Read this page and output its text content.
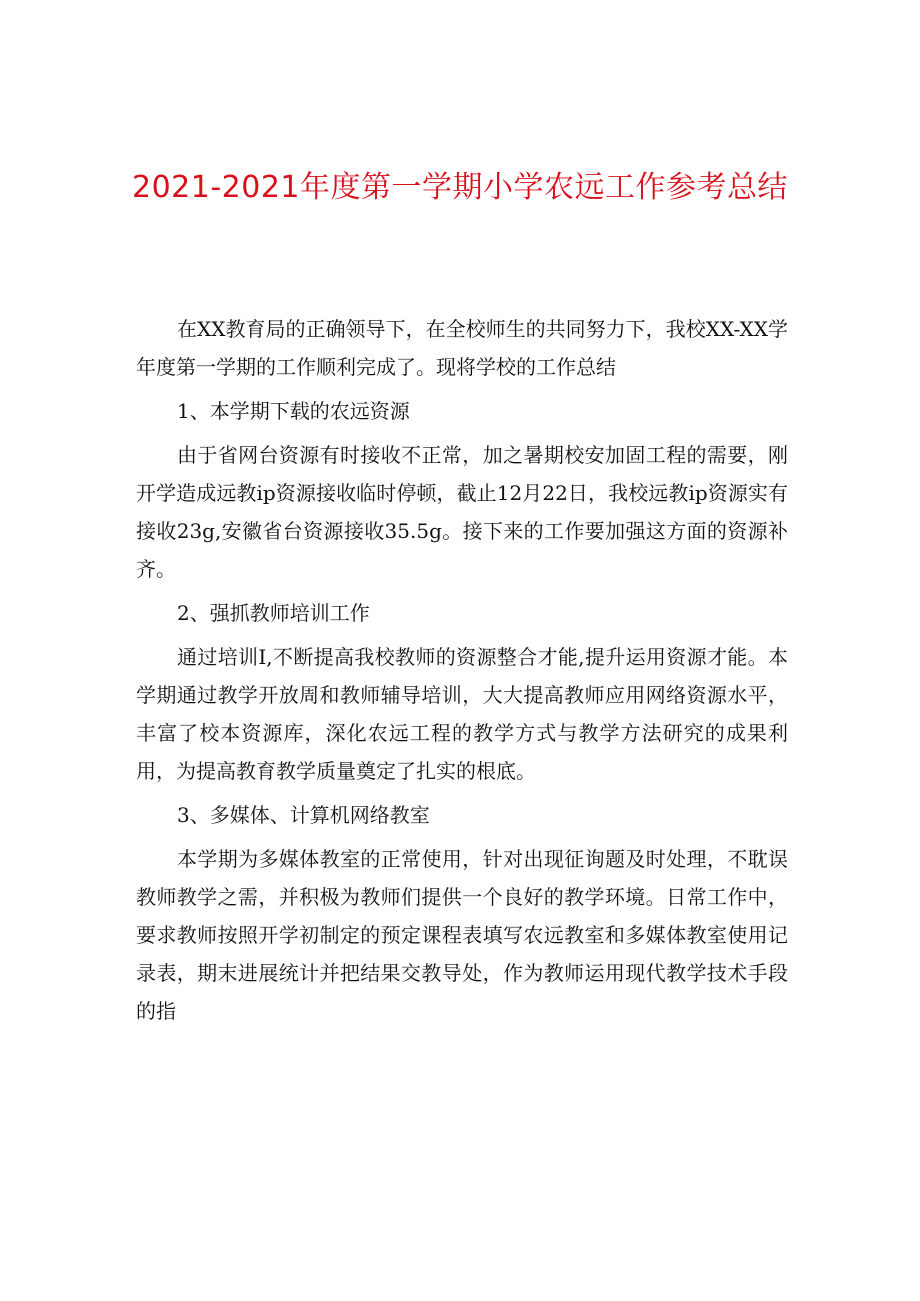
2021-2021年度第一学期小学农远工作参考总结

在XX教育局的正确领导下，在全校师生的共同努力下，我校XX-XX学年度第一学期的工作顺利完成了。现将学校的工作总结

1、本学期下载的农远资源

由于省网台资源有时接收不正常，加之暑期校安加固工程的需要，刚开学造成远教ip资源接收临时停顿，截止12月22日，我校远教ip资源实有接收23g,安徽省台资源接收35.5g。接下来的工作要加强这方面的资源补齐。

2、强抓教师培训工作

通过培训I,不断提高我校教师的资源整合才能,提升运用资源才能。本学期通过教学开放周和教师辅导培训，大大提高教师应用网络资源水平，丰富了校本资源库，深化农远工程的教学方式与教学方法研究的成果利用，为提高教育教学质量奠定了扎实的根底。

3、多媒体、计算机网络教室

本学期为多媒体教室的正常使用，针对出现征询题及时处理，不耽误教师教学之需，并积极为教师们提供一个良好的教学环境。日常工作中，要求教师按照开学初制定的预定课程表填写农远教室和多媒体教室使用记录表，期末进展统计并把结果交教导处，作为教师运用现代教学技术手段的指
